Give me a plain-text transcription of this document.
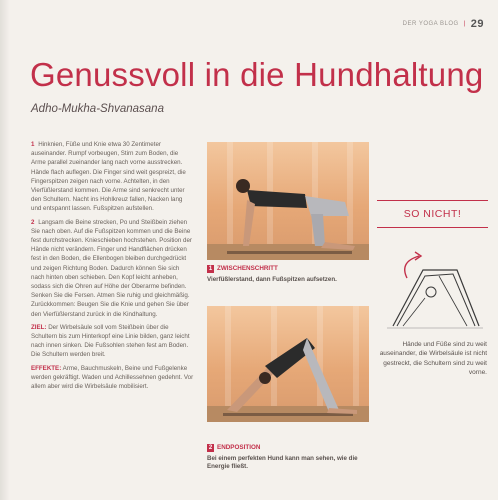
DER YOGA BLOG | 29
Genussvoll in die Hundhaltung
Adho-Mukha-Shvanasana

1 Hinknien, Füße und Knie etwa 30 Zentimeter auseinander. Rumpf vorbeugen, Stirn zum Boden, die Arme parallel zueinander lang nach vorne ausstrecken. Hände flach auflegen. Die Finger sind weit gespreizt, die Fingerspitzen zeigen nach vorne. Achtelten, in den Vierfüßlerstand kommen. Die Arme sind senkrecht unter den Schultern. Nacht ins Hohlkreuz fallen, Nacken lang und entspannt lassen. Fußspitzen aufstellen.

2 Langsam die Beine strecken, Po und Steißbein ziehen Sie nach oben. Auf die Fußspitzen kommen und die Beine fest durchstrecken. Knieschieben hochstehen. Position der Hände nicht verändern. Finger und Handflächen drücken fest in den Boden, die Ellenbogen bleiben durchgedrückt und zeigen Richtung Boden. Dadurch können Sie sich nach hinten oben schieben. Den Kopf leicht anheben, sodass sich die Ohren auf Höhe der Oberarme befinden. Senken Sie die Fersen. Atmen Sie ruhig und gleichmäßig. Zurückkommen: Beugen Sie die Knie und gehen Sie über den Vierfüßlerstand zurück in die Kindhaltung.

ZIEL: Der Wirbelsäule soll vom Steißbein über die Schultern bis zum Hinterkopf eine Linie bilden, ganz leicht nach innen sinken. Die Fußsohlen stehen fest am Boden. Die Schultern werden breit.

EFFEKTE: Arme, Bauchmuskeln, Beine und Fußgelenke werden gekräftigt. Waden und Achillessehnen gedehnt. Vor allem aber wird die Wirbelsäule mobilisiert.

1 ZWISCHENSCHRITT
Vierfüßlerstand, dann Fußspitzen aufsetzen.
2 ENDPOSITION
Bei einem perfekten Hund kann man sehen, wie die Energie fließt.
SO NICHT!
Hände und Füße sind zu weit auseinander, die Wirbelsäule ist nicht gestreckt, die Schultern sind zu weit vorne.
